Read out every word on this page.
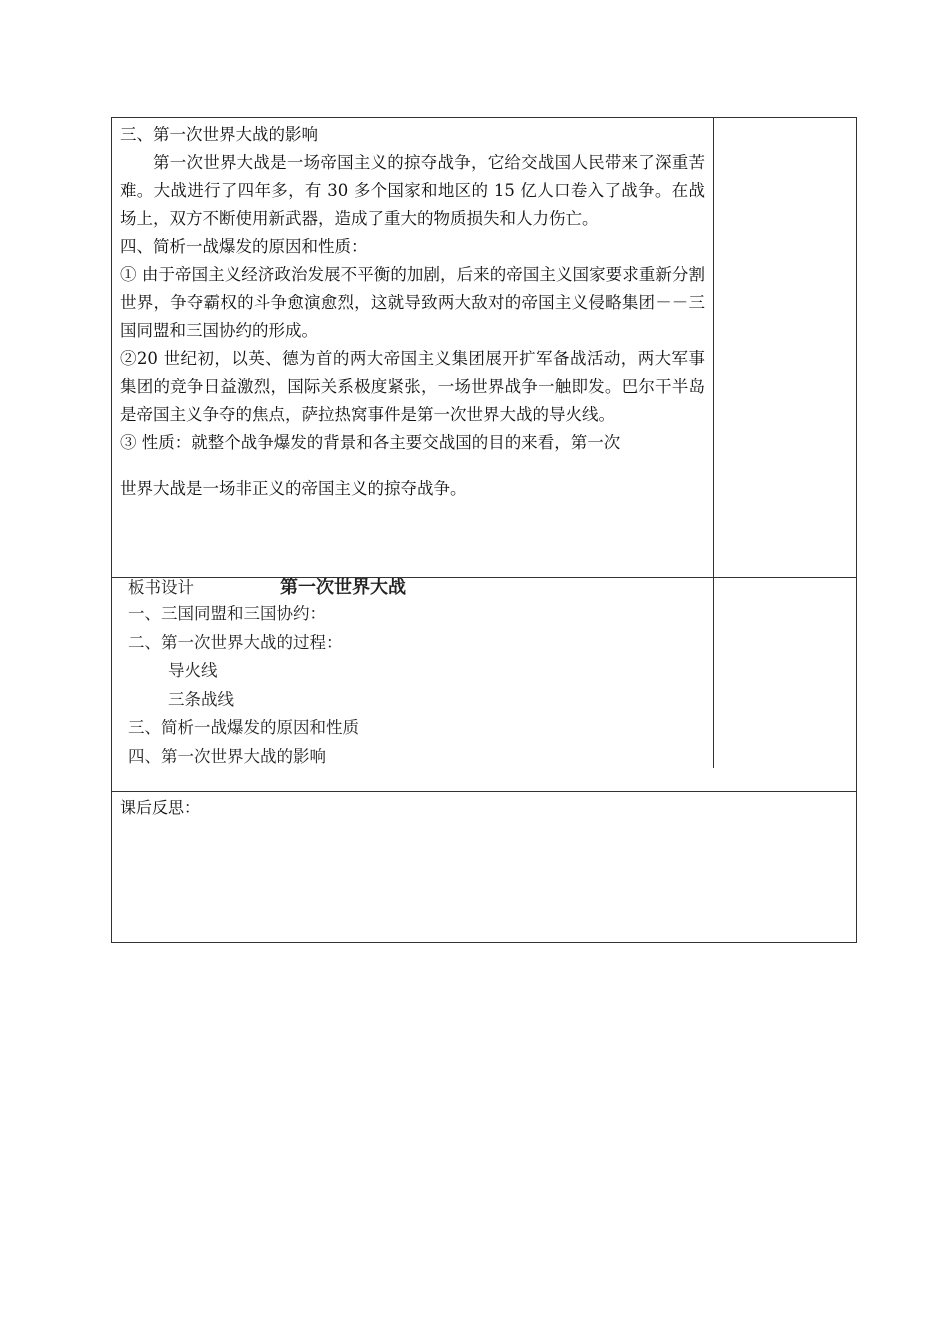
三、第一次世界大战的影响

第一次世界大战是一场帝国主义的掠夺战争，它给交战国人民带来了深重苦难。大战进行了四年多，有 30 多个国家和地区的 15 亿人口卷入了战争。在战场上，双方不断使用新武器，造成了重大的物质损失和人力伤亡。

四、简析一战爆发的原因和性质：

① 由于帝国主义经济政治发展不平衡的加剧，后来的帝国主义国家要求重新分割世界，争夺霸权的斗争愈演愈烈，这就导致两大敌对的帝国主义侵略集团－－三国同盟和三国协约的形成。

②20 世纪初，以英、德为首的两大帝国主义集团展开扩军备战活动，两大军事集团的竞争日益激烈，国际关系极度紧张，一场世界战争一触即发。巴尔干半岛是帝国主义争夺的焦点，萨拉热窝事件是第一次世界大战的导火线。

③ 性质：就整个战争爆发的背景和各主要交战国的目的来看，第一次

世界大战是一场非正义的帝国主义的掠夺战争。

板书设计	第一次世界大战
一、三国同盟和三国协约：
二、第一次世界大战的过程：
导火线
三条战线
三、简析一战爆发的原因和性质
四、第一次世界大战的影响
课后反思：
